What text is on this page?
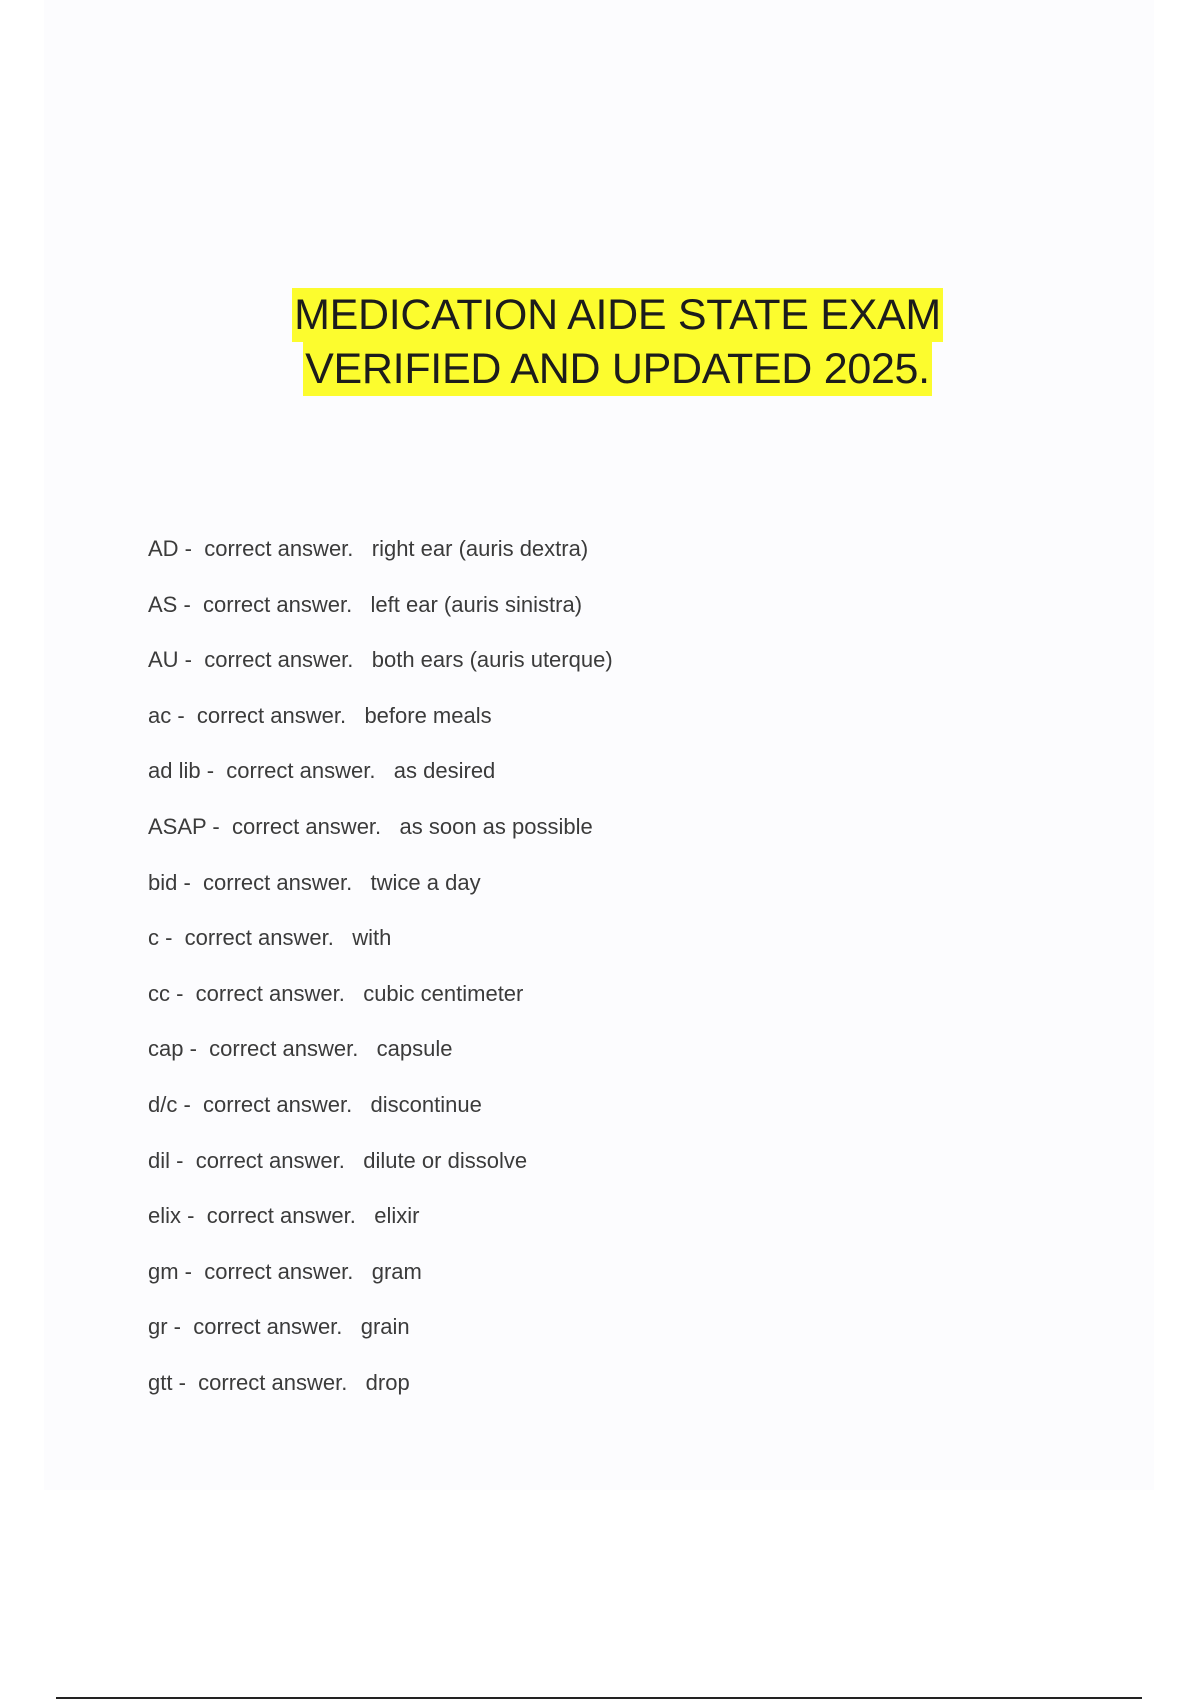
MEDICATION AIDE STATE EXAM
VERIFIED AND UPDATED 2025.
AD -  correct answer. right ear (auris dextra)
AS -  correct answer. left ear (auris sinistra)
AU -  correct answer. both ears (auris uterque)
ac -  correct answer. before meals
ad lib -  correct answer. as desired
ASAP -  correct answer. as soon as possible
bid -  correct answer. twice a day
c -  correct answer. with
cc -  correct answer. cubic centimeter
cap -  correct answer. capsule
d/c -  correct answer. discontinue
dil -  correct answer. dilute or dissolve
elix -  correct answer. elixir
gm -  correct answer. gram
gr -  correct answer. grain
gtt -  correct answer. drop
